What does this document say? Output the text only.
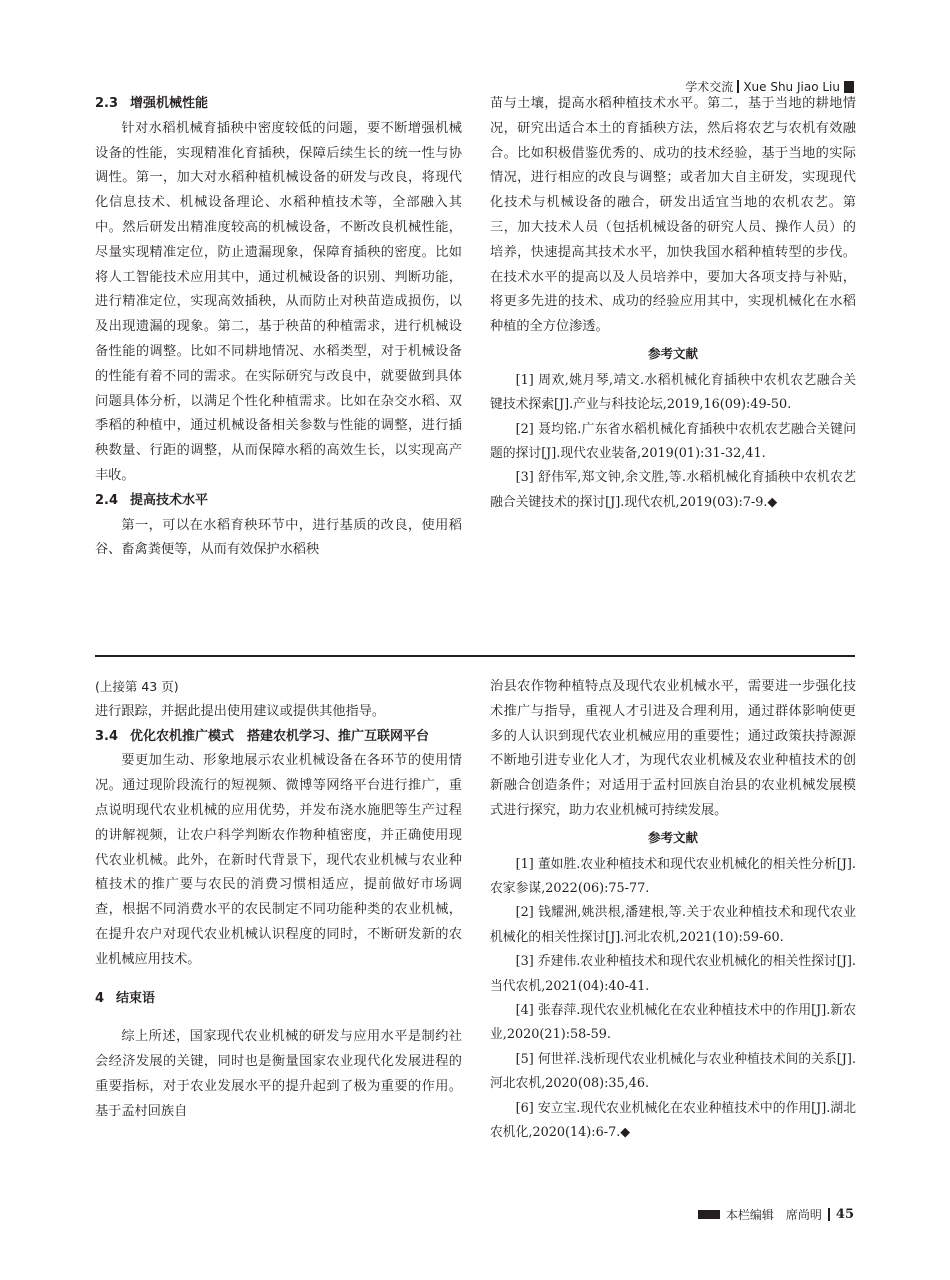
学术交流 Xue Shu Jiao Liu
2.3 增强机械性能

针对水稻机械育插秧中密度较低的问题，要不断增强机械设备的性能，实现精准化育插秧，保障后续生长的统一性与协调性。第一，加大对水稻种植机械设备的研发与改良，将现代化信息技术、机械设备理论、水稻种植技术等，全部融入其中。然后研发出精准度较高的机械设备，不断改良机械性能，尽量实现精准定位，防止遗漏现象，保障育插秧的密度。比如将人工智能技术应用其中，通过机械设备的识别、判断功能，进行精准定位，实现高效插秧，从而防止对秧苗造成损伤，以及出现遗漏的现象。第二，基于秧苗的种植需求，进行机械设备性能的调整。比如不同耕地情况、水稻类型，对于机械设备的性能有着不同的需求。在实际研究与改良中，就要做到具体问题具体分析，以满足个性化种植需求。比如在杂交水稻、双季稻的种植中，通过机械设备相关参数与性能的调整，进行插秧数量、行距的调整，从而保障水稻的高效生长，以实现高产丰收。

2.4 提高技术水平

第一，可以在水稻育秧环节中，进行基质的改良，使用稻谷、畜禽粪便等，从而有效保护水稻秧

苗与土壤，提高水稻种植技术水平。第二，基于当地的耕地情况，研究出适合本土的育插秧方法，然后将农艺与农机有效融合。比如积极借鉴优秀的、成功的技术经验，基于当地的实际情况，进行相应的改良与调整；或者加大自主研发，实现现代化技术与机械设备的融合，研发出适宜当地的农机农艺。第三，加大技术人员（包括机械设备的研究人员、操作人员）的培养，快速提高其技术水平，加快我国水稻种植转型的步伐。在技术水平的提高以及人员培养中，要加大各项支持与补贴，将更多先进的技术、成功的经验应用其中，实现机械化在水稻种植的全方位渗透。

参考文献

[1] 周欢,姚月琴,靖文.水稻机械化育插秧中农机农艺融合关键技术探索[J].产业与科技论坛,2019,16(09):49-50.

[2] 聂均铭.广东省水稻机械化育插秧中农机农艺融合关键问题的探讨[J].现代农业装备,2019(01):31-32,41.

[3] 舒伟军,郑文钟,余文胜,等.水稻机械化育插秧中农机农艺融合关键技术的探讨[J].现代农机,2019(03):7-9.◆

(上接第 43 页)

进行跟踪，并据此提出使用建议或提供其他指导。

3.4 优化农机推广模式　搭建农机学习、推广互联网平台

要更加生动、形象地展示农业机械设备在各环节的使用情况。通过现阶段流行的短视频、微博等网络平台进行推广，重点说明现代农业机械的应用优势，并发布浇水施肥等生产过程的讲解视频，让农户科学判断农作物种植密度，并正确使用现代农业机械。此外，在新时代背景下，现代农业机械与农业种植技术的推广要与农民的消费习惯相适应，提前做好市场调查，根据不同消费水平的农民制定不同功能种类的农业机械，在提升农户对现代农业机械认识程度的同时，不断研发新的农业机械应用技术。

4 结束语

综上所述，国家现代农业机械的研发与应用水平是制约社会经济发展的关键，同时也是衡量国家农业现代化发展进程的重要指标，对于农业发展水平的提升起到了极为重要的作用。基于孟村回族自

治县农作物种植特点及现代农业机械水平，需要进一步强化技术推广与指导，重视人才引进及合理利用，通过群体影响使更多的人认识到现代农业机械应用的重要性；通过政策扶持源源不断地引进专业化人才，为现代农业机械及农业种植技术的创新融合创造条件；对适用于孟村回族自治县的农业机械发展模式进行探究，助力农业机械可持续发展。

参考文献

[1] 董如胜.农业种植技术和现代农业机械化的相关性分析[J].农家参谋,2022(06):75-77.

[2] 钱耀洲,姚洪根,潘建根,等.关于农业种植技术和现代农业机械化的相关性探讨[J].河北农机,2021(10):59-60.

[3] 乔建伟.农业种植技术和现代农业机械化的相关性探讨[J].当代农机,2021(04):40-41.

[4] 张春萍.现代农业机械化在农业种植技术中的作用[J].新农业,2020(21):58-59.

[5] 何世祥.浅析现代农业机械化与农业种植技术间的关系[J].河北农机,2020(08):35,46.

[6] 安立宝.现代农业机械化在农业种植技术中的作用[J].湖北农机化,2020(14):6-7.◆

本栏编辑　席尚明 45
